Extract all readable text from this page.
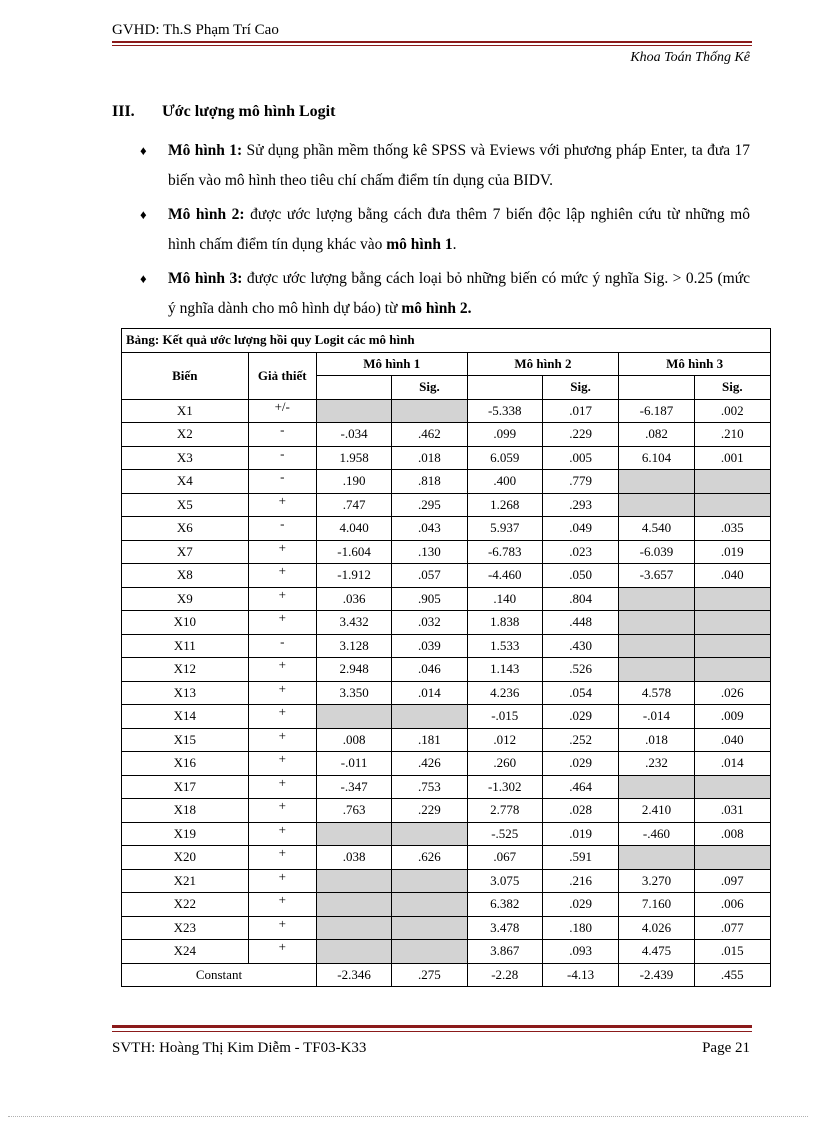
GVHD: Th.S Phạm Trí Cao
Khoa Toán Thống Kê
III. Ước lượng mô hình Logit
♦ Mô hình 1: Sử dụng phần mềm thống kê SPSS và Eviews với phương pháp Enter, ta đưa 17 biến vào mô hình theo tiêu chí chấm điểm tín dụng của BIDV.
♦ Mô hình 2: được ước lượng bằng cách đưa thêm 7 biến độc lập nghiên cứu từ những mô hình chấm điểm tín dụng khác vào mô hình 1.
♦ Mô hình 3: được ước lượng bằng cách loại bỏ những biến có mức ý nghĩa Sig. > 0.25 (mức ý nghĩa dành cho mô hình dự báo) từ mô hình 2.
Bảng: Kết quả ước lượng hồi quy Logit các mô hình							
Biến	Giả thiết	Mô hình 1		Mô hình 2		Mô hình 3	
			Sig.		Sig.		Sig.
X1	+/-			-5.338	.017	-6.187	.002
X2	-	-.034	.462	.099	.229	.082	.210
X3	-	1.958	.018	6.059	.005	6.104	.001
X4	-	.190	.818	.400	.779		
X5	+	.747	.295	1.268	.293		
X6	-	4.040	.043	5.937	.049	4.540	.035
X7	+	-1.604	.130	-6.783	.023	-6.039	.019
X8	+	-1.912	.057	-4.460	.050	-3.657	.040
X9	+	.036	.905	.140	.804		
X10	+	3.432	.032	1.838	.448		
X11	-	3.128	.039	1.533	.430		
X12	+	2.948	.046	1.143	.526		
X13	+	3.350	.014	4.236	.054	4.578	.026
X14	+			-.015	.029	-.014	.009
X15	+	.008	.181	.012	.252	.018	.040
X16	+	-.011	.426	.260	.029	.232	.014
X17	+	-.347	.753	-1.302	.464		
X18	+	.763	.229	2.778	.028	2.410	.031
X19	+			-.525	.019	-.460	.008
X20	+	.038	.626	.067	.591		
X21	+			3.075	.216	3.270	.097
X22	+			6.382	.029	7.160	.006
X23	+			3.478	.180	4.026	.077
X24	+			3.867	.093	4.475	.015
Constant		-2.346	.275	-2.28	-4.13	-2.439	.455
SVTH: Hoàng Thị Kim Diễm - TF03-K33	Page 21
